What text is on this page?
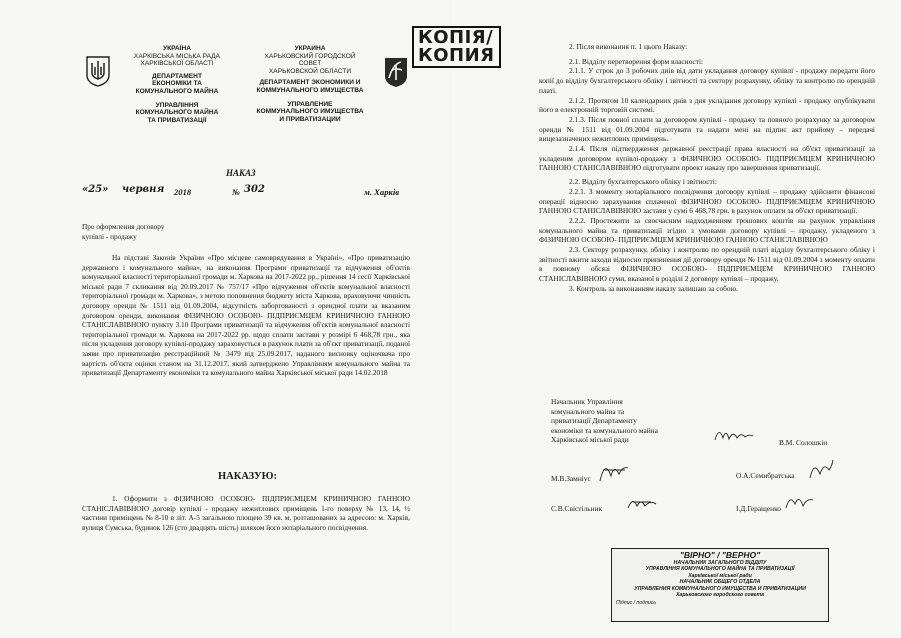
УКРАЇНА
ХАРКІВСЬКА МІСЬКА РАДА
ХАРКІВСЬКОЇ ОБЛАСТІ
ДЕПАРТАМЕНТ
ЕКОНОМІКИ ТА
КОМУНАЛЬНОГО МАЙНА
УПРАВЛІННЯ
КОМУНАЛЬНОГО МАЙНА
ТА ПРИВАТИЗАЦІЇ
УКРАИНА
ХАРЬКОВСКИЙ ГОРОДСКОЙ
СОВЕТ
ХАРЬКОВСКОЙ ОБЛАСТИ
ДЕПАРТАМЕНТ ЭКОНОМИКИ И
КОММУНАЛЬНОГО ИМУЩЕСТВА
УПРАВЛЕНИЕ
КОММУНАЛЬНОГО ИМУЩЕСТВА
И ПРИВАТИЗАЦИИ
КОПІЯ/
КОПИЯ
НАКАЗ
«25» червня 2018	№ 302	м. Харків
Про оформлення договору
купівлі - продажу

На підставі Законів України «Про місцеве самоврядування в Україні», «Про приватизацію державного і комунального майна», на виконання Програми приватизації та відчуження об'єктів комунальної власності територіальної громади м. Харкова на 2017-2022 рр., рішення 14 сесії Харківської міської ради 7 скликання від 20.09.2017 № 757/17 «Про відчуження об'єктів комунальної власності територіальної громади м. Харкова», з метою поповнення бюджету міста Харкова, враховуючи чинність договору оренди № 1511 від 01.09.2004, відсутність заборгованості з орендної плати за вказаним договором оренди, виконання ФІЗИЧНОЮ ОСОБОЮ- ПІДПРИЄМЦЕМ КРИНИЧНОЮ ГАННОЮ СТАНІСЛАВІВНОЮ пункту 3.10 Програми приватизації та відчуження об'єктів комунальної власності територіальної громади м. Харкова на 2017-2022 рр. щодо сплати застави у розмірі 6 468,78 грн., яка після укладення договору купівлі-продажу зараховується в рахунок плати за об'єкт приватизації, поданої заяви про приватизацію реєстраційний № 3479 від 25.09.2017, наданого висновку оціночвача про вартість об'єкта оцінки станом на 31.12.2017, який затверджено Управлінням комунального майна та приватизації Департаменту економіки та комунального майна Харківської міської ради 14.02.2018

НАКАЗУЮ:

1. Оформити з ФІЗИЧНОЮ ОСОБОЮ- ПІДПРИЄМЦЕМ КРИНИЧНОЮ ГАННОЮ СТАНІСЛАВІВНОЮ договір купівлі - продажу нежитлових приміщень 1-го поверху № 13, 14, ½ частини приміщень № 8-10 в літ. А-5 загальною площею 39 кв. м, розташованих за адресою: м. Харків, вулиця Сумська, будинок 126 (сто двадцять шість) шляхом його нотаріального посвідчення.

2. Після виконання п. 1 цього Наказу:

2.1. Відділу перетворення форм власності:

2.1.1. У строк до 3 робочих днів від дати укладання договору купівлі - продажу передати його копії до відділу бухгалтерського обліку і звітності та сектору розрахунку, обліку та контролю по орендній платі.

2.1.2. Протягом 10 календарних днів з дня укладання договору купівлі - продажу опублікувати його в електронній торговій системі.

2.1.3. Після повної сплати за договором купівлі - продажу та повного розрахунку за договором оренди № 1511 від 01.09.2004 підготувати та надати мені на підпис акт прийому – передачі вищезазначених нежитлових приміщень.

2.1.4. Після підтвердження державної реєстрації права власності на об'єкт приватизації за укладеним договором купівлі-продажу з ФІЗИЧНОЮ ОСОБОЮ- ПІДПРИЄМЦЕМ КРИНИЧНОЮ ГАННОЮ СТАНІСЛАВІВНОЮ підготувати проект наказу про завершення приватизації.

2.2. Відділу бухгалтерського обліку і звітності:

2.2.1. З моменту нотаріального посвідчення договору купівлі – продажу здійснити фінансові операції відносно зарахування сплаченої ФІЗИЧНОЮ ОСОБОЮ- ПІДПРИЄМЦЕМ КРИНИЧНОЮ ГАННОЮ СТАНІСЛАВІВНОЮ застави у сумі 6 468,78 грн. в рахунок оплати за об'єкт приватизації.

2.2.2. Простежити за своєчасним надходженням грошових коштів на рахунок управління комунального майна та приватизації згідно з умовами договору купівлі – продажу, укладеного з ФІЗИЧНОЮ ОСОБОЮ- ПІДПРИЄМЦЕМ КРИНИЧНОЮ ГАННОЮ СТАНІСЛАВІВНОЮ

2.3. Сектору розрахунку, обліку і контролю по орендній платі відділу бухгалтерського обліку і звітності вжити заходи відносно припинення дії договору оренди № 1511 від 01.09.2004 з моменту оплати в повному обсязі ФІЗИЧНОЮ ОСОБОЮ- ПІДПРИЄМЦЕМ КРИНИЧНОЮ ГАННОЮ СТАНІСЛАВІВНОЮ суми, вказаної в розділі 2 договору купівлі – продажу.

3. Контроль за виконанням наказу залишаю за собою.

Начальник Управління
комунального майна та
приватизації Департаменту
економіки та комунального майна
Харківської міської ради	В.М. Солошкін
М.В.Замніус	О.А.Семибратська
С.В.Свістільник	І.Д.Геращенко
"ВІРНО" / "ВЕРНО"
НАЧАЛЬНИК ЗАГАЛЬНОГО ВІДДІЛУ
УПРАВЛІННЯ КОМУНАЛЬНОГО МАЙНА ТА ПРИВАТИЗАЦІЇ
Харківської міської ради
НАЧАЛЬНИК ОБЩЕГО ОТДЕЛА
УПРАВЛЕНИЯ КОММУНАЛЬНОГО ИМУЩЕСТВА И ПРИВАТИЗАЦИИ
Харьковского городского совета
Підпис / подпись
